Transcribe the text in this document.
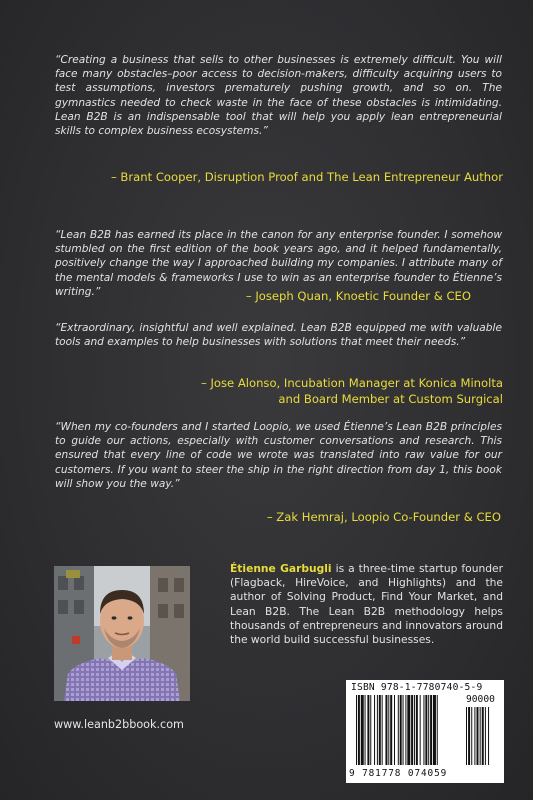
“Creating a business that sells to other businesses is extremely difficult. You will face many obstacles–poor access to decision-makers, difficulty acquiring users to test assumptions, investors prematurely pushing growth, and so on. The gymnastics needed to check waste in the face of these obstacles is intimidating. Lean B2B is an indispensable tool that will help you apply lean entrepreneurial skills to complex business ecosystems.”

– Brant Cooper, Disruption Proof and The Lean Entrepreneur Author

“Lean B2B has earned its place in the canon for any enterprise founder. I somehow stumbled on the first edition of the book years ago, and it helped fundamentally, positively change the way I approached building my companies. I attribute many of the mental models & frameworks I use to win as an enterprise founder to Étienne’s writing.”	– Joseph Quan, Knoetic Founder & CEO

“Extraordinary, insightful and well explained. Lean B2B equipped me with valuable tools and examples to help businesses with solutions that meet their needs.”

– Jose Alonso, Incubation Manager at Konica Minolta
and Board Member at Custom Surgical

“When my co-founders and I started Loopio, we used Étienne’s Lean B2B principles to guide our actions, especially with customer conversations and research. This ensured that every line of code we wrote was translated into raw value for our customers. If you want to steer the ship in the right direction from day 1, this book will show you the way.”

– Zak Hemraj, Loopio Co-Founder & CEO

Étienne Garbugli is a three-time startup founder (Flagback, HireVoice, and Highlights) and the author of Solving Product, Find Your Market, and Lean B2B. The Lean B2B methodology helps thousands of entrepreneurs and innovators around the world build successful businesses.

www.leanb2bbook.com
ISBN 978-1-7780740-5-9
90000
9 781778 074059
